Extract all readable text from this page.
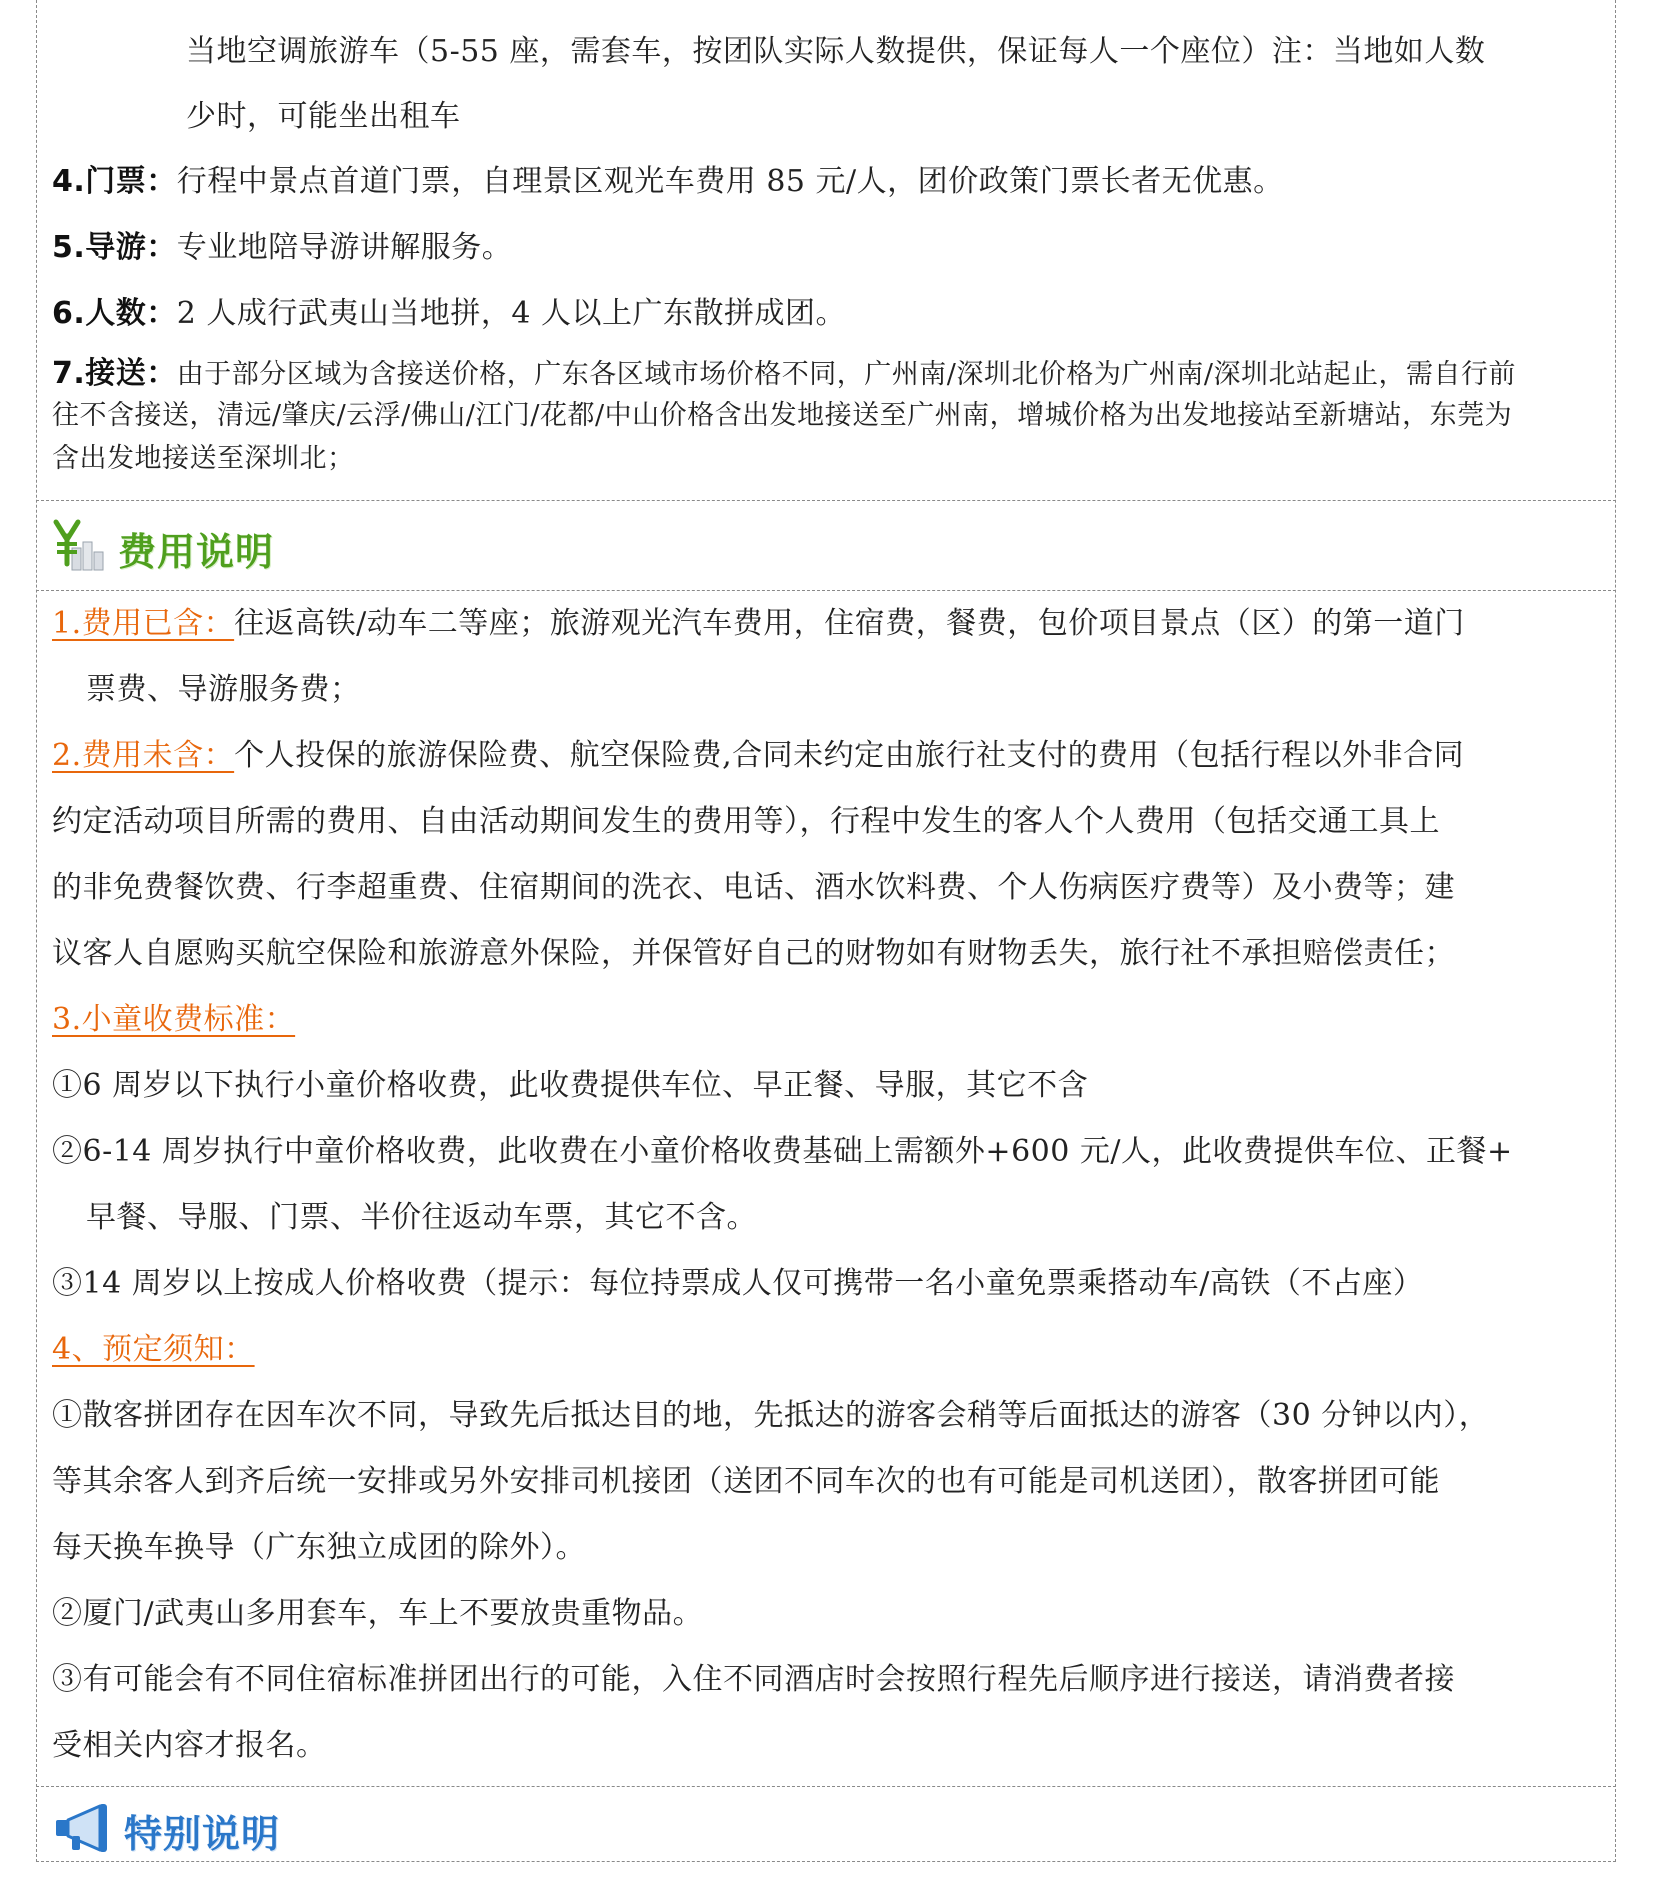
当地空调旅游车（5-55 座，需套车，按团队实际人数提供，保证每人一个座位）注：当地如人数
少时，可能坐出租车
4.门票：行程中景点首道门票，自理景区观光车费用 85 元/人，团价政策门票长者无优惠。
5.导游：专业地陪导游讲解服务。
6.人数：2 人成行武夷山当地拼，4 人以上广东散拼成团。
7.接送：由于部分区域为含接送价格，广东各区域市场价格不同，广州南/深圳北价格为广州南/深圳北站起止，需自行前
往不含接送，清远/肇庆/云浮/佛山/江门/花都/中山价格含出发地接送至广州南，增城价格为出发地接站至新塘站，东莞为
含出发地接送至深圳北；
费用说明
1.费用已含：往返高铁/动车二等座；旅游观光汽车费用，住宿费，餐费，包价项目景点（区）的第一道门
票费、导游服务费；
2.费用未含：个人投保的旅游保险费、航空保险费,合同未约定由旅行社支付的费用（包括行程以外非合同
约定活动项目所需的费用、自由活动期间发生的费用等），行程中发生的客人个人费用（包括交通工具上
的非免费餐饮费、行李超重费、住宿期间的洗衣、电话、酒水饮料费、个人伤病医疗费等）及小费等；建
议客人自愿购买航空保险和旅游意外保险，并保管好自己的财物如有财物丢失，旅行社不承担赔偿责任；
3.小童收费标准：
①6 周岁以下执行小童价格收费，此收费提供车位、早正餐、导服，其它不含
②6-14 周岁执行中童价格收费，此收费在小童价格收费基础上需额外+600 元/人，此收费提供车位、正餐+
早餐、导服、门票、半价往返动车票，其它不含。
③14 周岁以上按成人价格收费（提示：每位持票成人仅可携带一名小童免票乘搭动车/高铁（不占座）
4、预定须知：
①散客拼团存在因车次不同，导致先后抵达目的地，先抵达的游客会稍等后面抵达的游客（30 分钟以内），
等其余客人到齐后统一安排或另外安排司机接团（送团不同车次的也有可能是司机送团），散客拼团可能
每天换车换导（广东独立成团的除外）。
②厦门/武夷山多用套车，车上不要放贵重物品。
③有可能会有不同住宿标准拼团出行的可能，入住不同酒店时会按照行程先后顺序进行接送，请消费者接
受相关内容才报名。
特别说明
